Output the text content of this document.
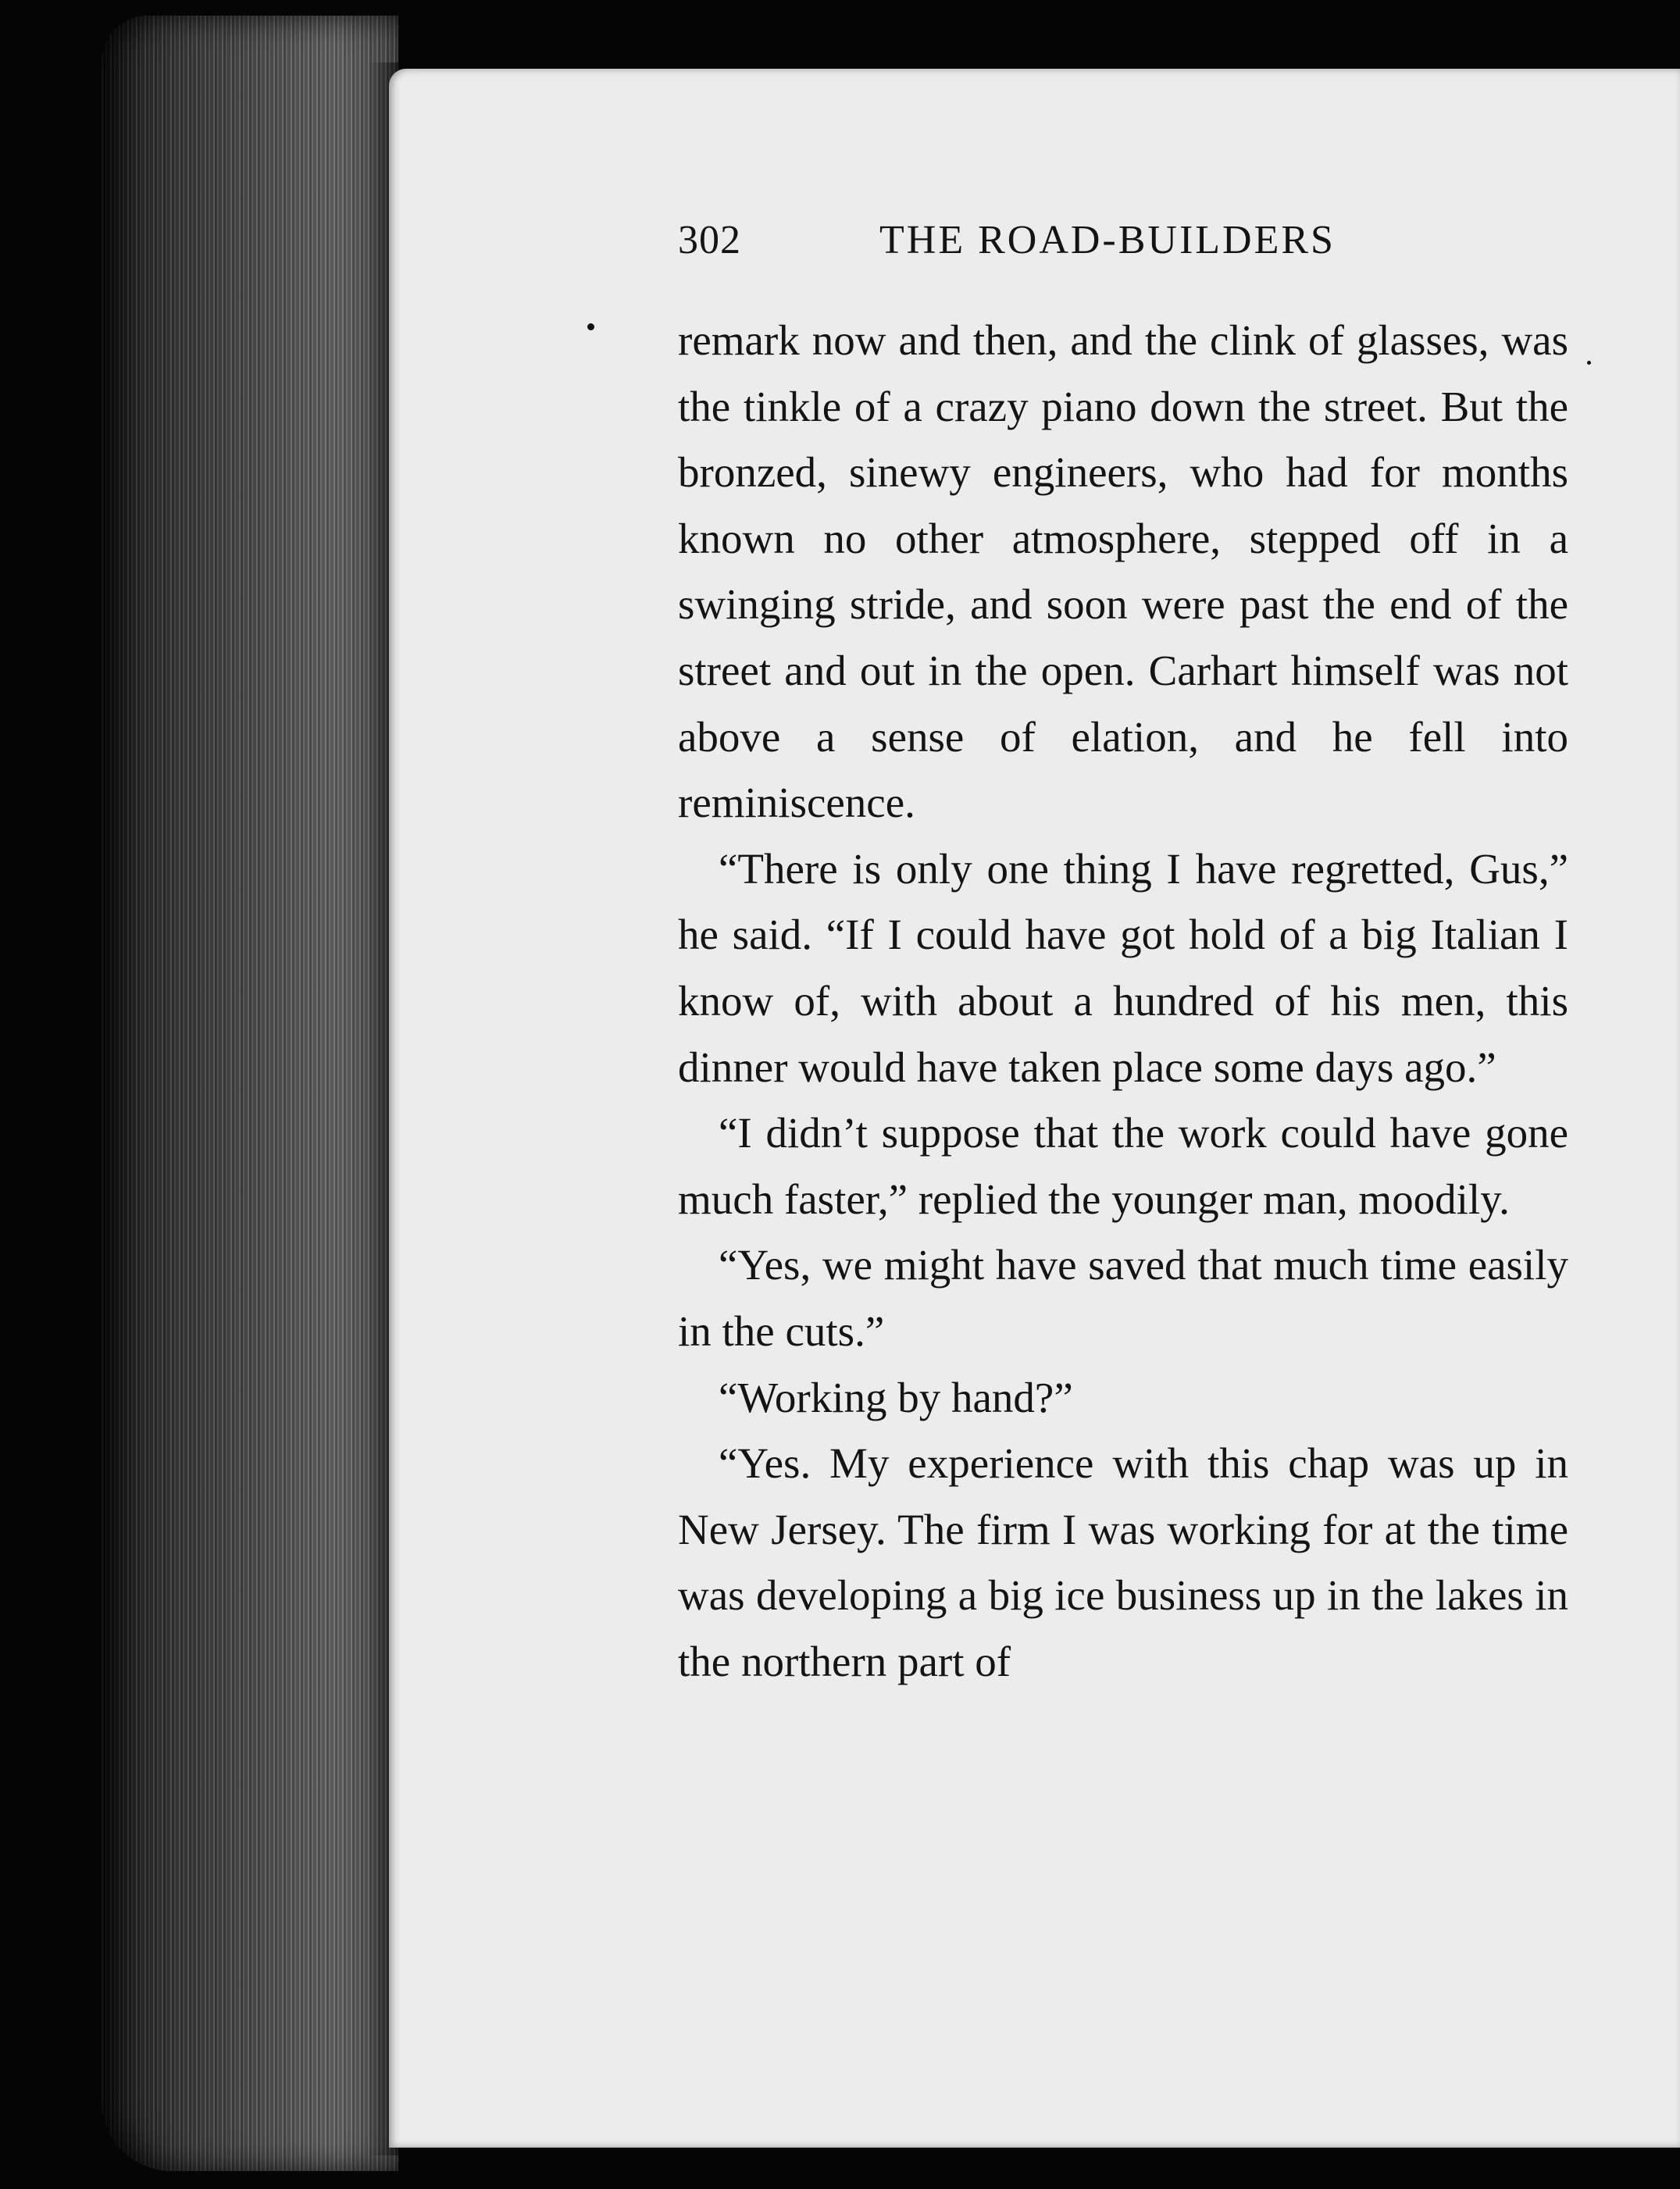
302	THE ROAD-BUILDERS

remark now and then, and the clink of glasses, was the tinkle of a crazy piano down the street. But the bronzed, sinewy engineers, who had for months known no other atmosphere, stepped off in a swinging stride, and soon were past the end of the street and out in the open. Carhart himself was not above a sense of elation, and he fell into reminiscence.

“There is only one thing I have regretted, Gus,” he said. “If I could have got hold of a big Italian I know of, with about a hundred of his men, this dinner would have taken place some days ago.”

“I didn’t suppose that the work could have gone much faster,” replied the younger man, moodily.

“Yes, we might have saved that much time easily in the cuts.”

“Working by hand?”

“Yes. My experience with this chap was up in New Jersey. The firm I was working for at the time was developing a big ice business up in the lakes in the northern part of
